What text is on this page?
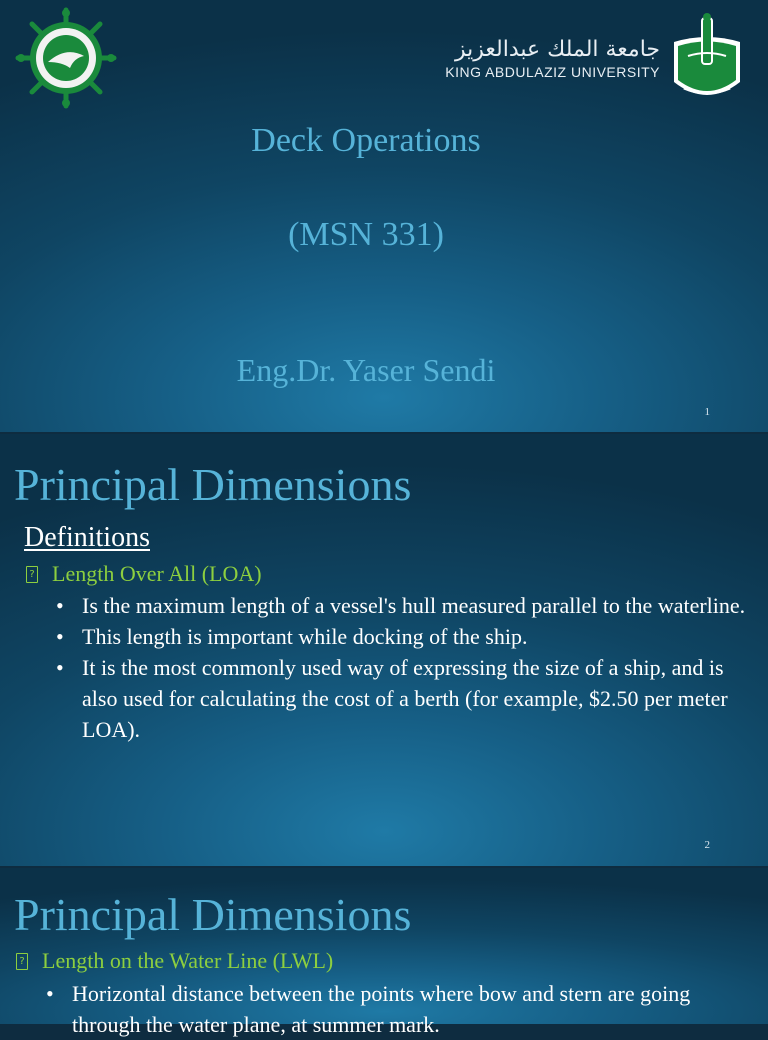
جامعة الملك عبدالعزيز
KING ABDULAZIZ UNIVERSITY
Deck Operations
(MSN 331)
Eng.Dr. Yaser Sendi
1
Principal Dimensions
Definitions
? Length Over All (LOA)
• Is the maximum length of a vessel's hull measured parallel to the waterline.
• This length is important while docking of the ship.
• It is the most commonly used way of expressing the size of a ship, and is also used for calculating the cost of a berth (for example, $2.50 per meter LOA).
2
Principal Dimensions
? Length on the Water Line (LWL)
• Horizontal distance between the points where bow and stern are going through the water plane, at summer mark.
